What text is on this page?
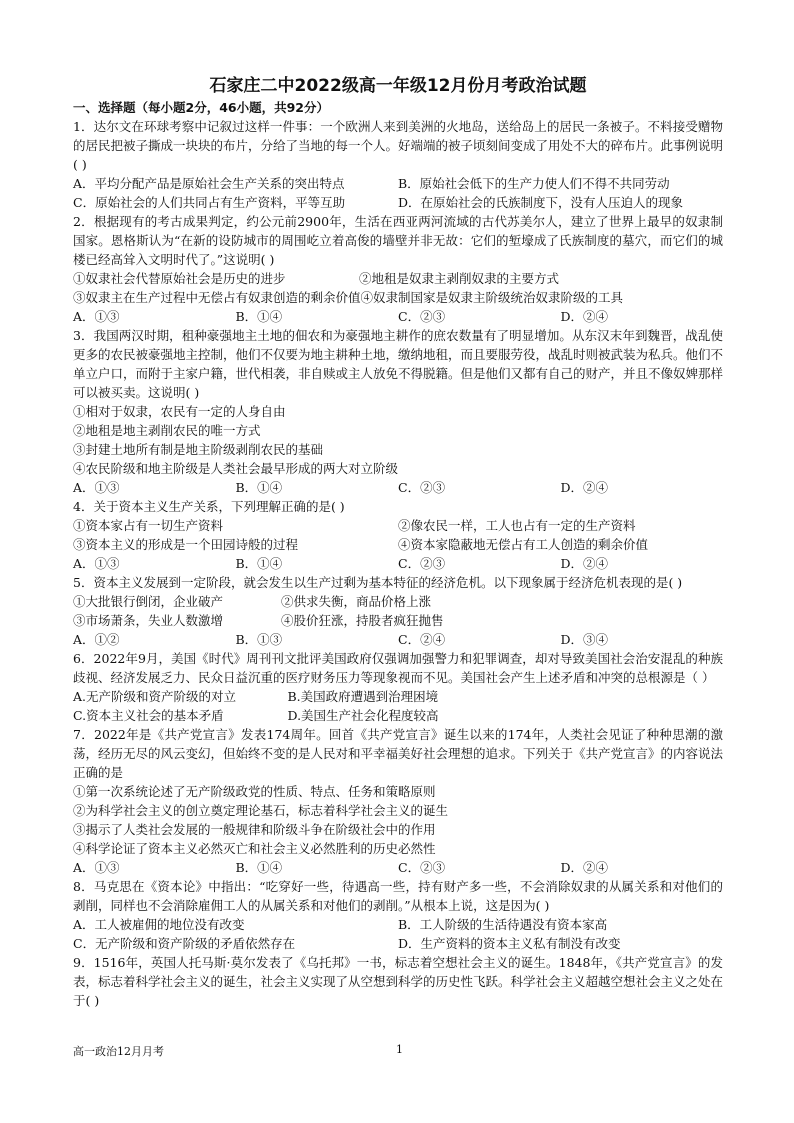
石家庄二中2022级高一年级12月份月考政治试题
一、选择题（每小题2分，46小题，共92分）

1．达尔文在环球考察中记叙过这样一件事：一个欧洲人来到美洲的火地岛，送给岛上的居民一条被子。不料接受赠物的居民把被子撕成一块块的布片，分给了当地的每一个人。好端端的被子顷刻间变成了用处不大的碎布片。此事例说明( )

A．平均分配产品是原始社会生产关系的突出特点	B．原始社会低下的生产力使人们不得不共同劳动
C．原始社会的人们共同占有生产资料，平等互助	D．在原始社会的氏族制度下，没有人压迫人的现象

2．根据现有的考古成果判定，约公元前2900年，生活在西亚两河流域的古代苏美尔人，建立了世界上最早的奴隶制国家。恩格斯认为“在新的设防城市的周围屹立着高俊的墙壁并非无故：它们的堑壕成了氏族制度的墓穴，而它们的城楼已经高耸入文明时代了。”这说明( )

①奴隶社会代替原始社会是历史的进步	②地租是奴隶主剥削奴隶的主要方式
③奴隶主在生产过程中无偿占有奴隶创造的剩余价值 ④奴隶制国家是奴隶主阶级统治奴隶阶级的工具
A．①③	B．①④	C．②③	D．②④

3．我国两汉时期，租种豪强地主土地的佃农和为豪强地主耕作的庶农数量有了明显增加。从东汉末年到魏晋，战乱使更多的农民被豪强地主控制，他们不仅要为地主耕种土地，缴纳地租，而且要服劳役，战乱时则被武装为私兵。他们不单立户口，而附于主家户籍，世代相袭，非自赎或主人放免不得脱籍。但是他们又都有自己的财产，并且不像奴婢那样可以被买卖。这说明( )

①相对于奴隶，农民有一定的人身自由

②地租是地主剥削农民的唯一方式

③封建土地所有制是地主阶级剥削农民的基础

④农民阶级和地主阶级是人类社会最早形成的两大对立阶级

A．①③	B．①④	C．②③	D．②④

4．关于资本主义生产关系，下列理解正确的是( )

①资本家占有一切生产资料	②像农民一样，工人也占有一定的生产资料
③资本主义的形成是一个田园诗般的过程	④资本家隐蔽地无偿占有工人创造的剩余价值
A．①③	B．①④	C．②③	D．②④

5．资本主义发展到一定阶段，就会发生以生产过剩为基本特征的经济危机。以下现象属于经济危机表现的是( )

①大批银行倒闭，企业破产	②供求失衡，商品价格上涨
③市场萧条，失业人数激增	④股价狂涨，持股者疯狂抛售
A．①②	B．①③	C．②④	D．③④

6．2022年9月，美国《时代》周刊刊文批评美国政府仅强调加强警力和犯罪调查，却对导致美国社会治安混乱的种族歧视、经济发展乏力、民众日益沉重的医疗财务压力等现象视而不见。美国社会产生上述矛盾和冲突的总根源是（ ）

A.无产阶级和资产阶级的对立	B.美国政府遭遇到治理困境
C.资本主义社会的基本矛盾	D.美国生产社会化程度较高

7．2022年是《共产党宣言》发表174周年。回首《共产党宣言》诞生以来的174年，人类社会见证了种种思潮的激荡，经历无尽的风云变幻，但始终不变的是人民对和平幸福美好社会理想的追求。下列关于《共产党宣言》的内容说法正确的是

①第一次系统论述了无产阶级政党的性质、特点、任务和策略原则

②为科学社会主义的创立奠定理论基石，标志着科学社会主义的诞生

③揭示了人类社会发展的一般规律和阶级斗争在阶级社会中的作用

④科学论证了资本主义必然灭亡和社会主义必然胜利的历史必然性

A．①③	B．①④	C．②③	D．②④

8．马克思在《资本论》中指出：“吃穿好一些，待遇高一些，持有财产多一些，不会消除奴隶的从属关系和对他们的剥削，同样也不会消除雇佣工人的从属关系和对他们的剥削。”从根本上说，这是因为( )

A．工人被雇佣的地位没有改变	B．工人阶级的生活待遇没有资本家高
C．无产阶级和资产阶级的矛盾依然存在	D．生产资料的资本主义私有制没有改变

9．1516年，英国人托马斯·莫尔发表了《乌托邦》一书，标志着空想社会主义的诞生。1848年，《共产党宣言》的发表，标志着科学社会主义的诞生，社会主义实现了从空想到科学的历史性飞跃。科学社会主义超越空想社会主义之处在于( )

高一政治12月月考	1
